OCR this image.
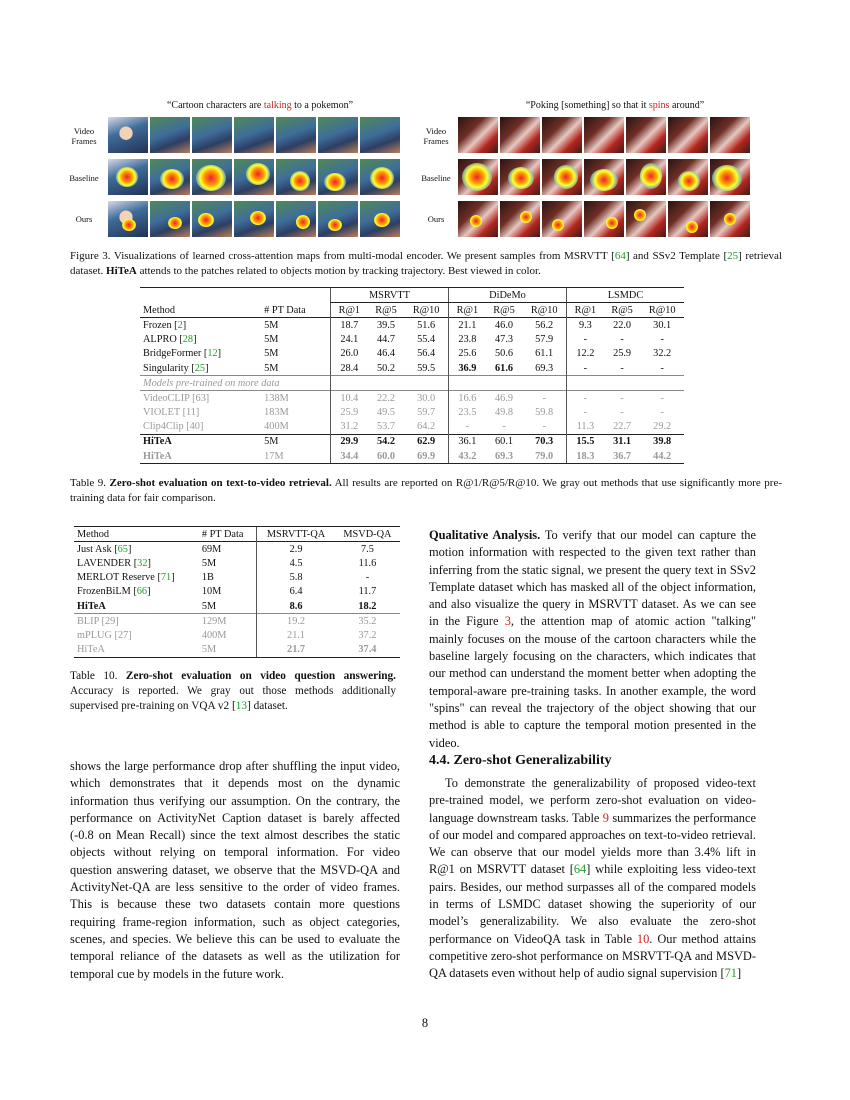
“Cartoon characters are talking to a pokemon”	“Poking [something] so that it spins around”
Video
Frames
Baseline
Ours
Video
Frames
Baseline
Ours
Figure 3. Visualizations of learned cross-attention maps from multi-modal encoder. We present samples from MSRVTT [64] and SSv2 Template [25] retrieval dataset. HiTeA attends to the patches related to objects motion by tracking trajectory. Best viewed in color.
		MSRVTT			DiDeMo			LSMDC		
Method	# PT Data	R@1	R@5	R@10	R@1	R@5	R@10	R@1	R@5	R@10
Frozen [2]	5M	18.7	39.5	51.6	21.1	46.0	56.2	9.3	22.0	30.1
ALPRO [28]	5M	24.1	44.7	55.4	23.8	47.3	57.9	-	-	-
BridgeFormer [12]	5M	26.0	46.4	56.4	25.6	50.6	61.1	12.2	25.9	32.2
Singularity [25]	5M	28.4	50.2	59.5	36.9	61.6	69.3	-	-	-
Models pre-trained on more data										
VideoCLIP [63]	138M	10.4	22.2	30.0	16.6	46.9	-	-	-	-
VIOLET [11]	183M	25.9	49.5	59.7	23.5	49.8	59.8	-	-	-
Clip4Clip [40]	400M	31.2	53.7	64.2	-	-	-	11.3	22.7	29.2
HiTeA	5M	29.9	54.2	62.9	36.1	60.1	70.3	15.5	31.1	39.8
HiTeA	17M	34.4	60.0	69.9	43.2	69.3	79.0	18.3	36.7	44.2
Table 9. Zero-shot evaluation on text-to-video retrieval. All results are reported on R@1/R@5/R@10. We gray out methods that use significantly more pre-training data for fair comparison.
Method	# PT Data	MSRVTT-QA	MSVD-QA
Just Ask [65]	69M	2.9	7.5
LAVENDER [32]	5M	4.5	11.6
MERLOT Reserve [71]	1B	5.8	-
FrozenBiLM [66]	10M	6.4	11.7
HiTeA	5M	8.6	18.2
BLIP [29]	129M	19.2	35.2
mPLUG [27]	400M	21.1	37.2
HiTeA	5M	21.7	37.4
Table 10. Zero-shot evaluation on video question answering. Accuracy is reported. We gray out those methods additionally supervised pre-training on VQA v2 [13] dataset.

shows the large performance drop after shuffling the input video, which demonstrates that it depends most on the dynamic information thus verifying our assumption. On the contrary, the performance on ActivityNet Caption dataset is barely affected (-0.8 on Mean Recall) since the text almost describes the static objects without relying on temporal information. For video question answering dataset, we observe that the MSVD-QA and ActivityNet-QA are less sensitive to the order of video frames. This is because these two datasets contain more questions requiring frame-region information, such as object categories, scenes, and species. We believe this can be used to evaluate the temporal reliance of the datasets as well as the utilization for temporal cue by models in the future work.

Qualitative Analysis. To verify that our model can capture the motion information with respected to the given text rather than inferring from the static signal, we present the query text in SSv2 Template dataset which has masked all of the object information, and also visualize the query in MSRVTT dataset. As we can see in the Figure 3, the attention map of atomic action "talking" mainly focuses on the mouse of the cartoon characters while the baseline largely focusing on the characters, which indicates that our method can understand the moment better when adopting the temporal-aware pre-training tasks. In another example, the word "spins" can reveal the trajectory of the object showing that our method is able to capture the temporal motion presented in the video.

4.4. Zero-shot Generalizability

To demonstrate the generalizability of proposed video-text pre-trained model, we perform zero-shot evaluation on video-language downstream tasks. Table 9 summarizes the performance of our model and compared approaches on text-to-video retrieval. We can observe that our model yields more than 3.4% lift in R@1 on MSRVTT dataset [64] while exploiting less video-text pairs. Besides, our method surpasses all of the compared models in terms of LSMDC dataset showing the superiority of our model’s generalizability. We also evaluate the zero-shot performance on VideoQA task in Table 10. Our method attains competitive zero-shot performance on MSRVTT-QA and MSVD-QA datasets even without help of audio signal supervision [71]

8
